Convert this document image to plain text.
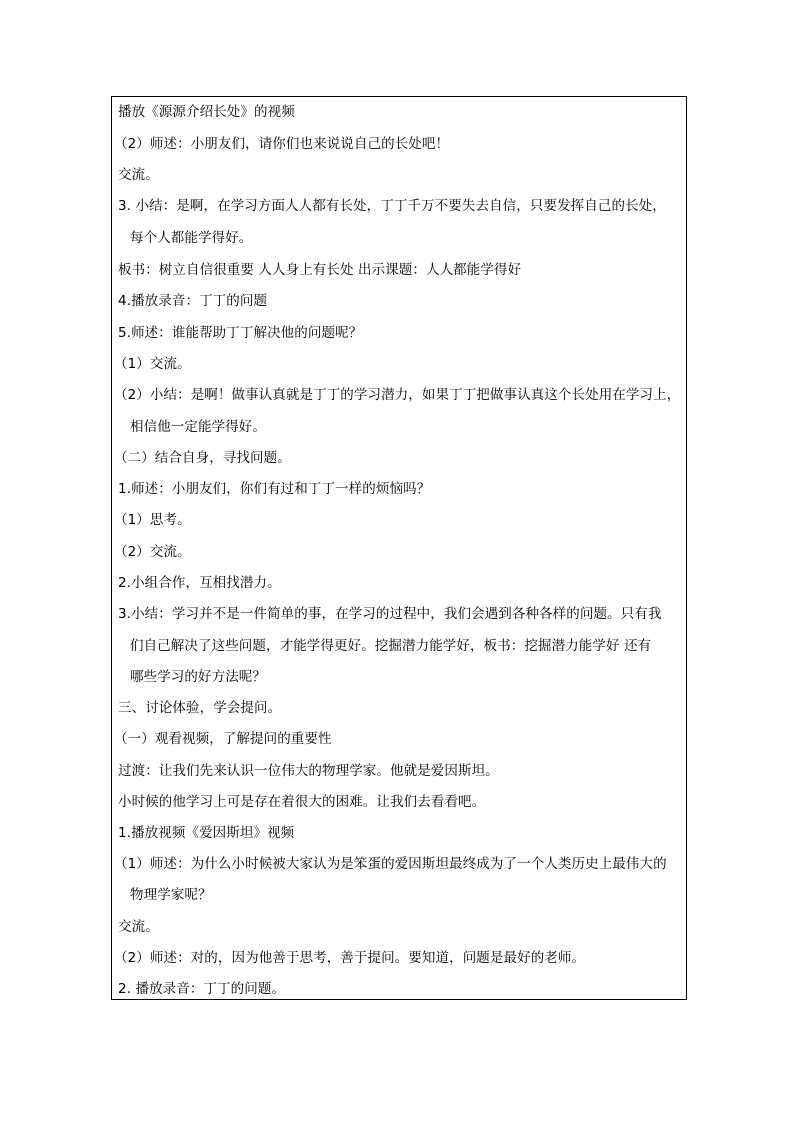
播放《源源介绍长处》的视频
（2）师述：小朋友们，请你们也来说说自己的长处吧！
交流。
3. 小结：是啊，在学习方面人人都有长处，丁丁千万不要失去自信，只要发挥自己的长处，
每个人都能学得好。
板书：树立自信很重要 人人身上有长处 出示课题：人人都能学得好
4.播放录音：丁丁的问题
5.师述：谁能帮助丁丁解决他的问题呢？
（1）交流。
（2）小结：是啊！做事认真就是丁丁的学习潜力，如果丁丁把做事认真这个长处用在学习上，
相信他一定能学得好。
（二）结合自身，寻找问题。
1.师述：小朋友们，你们有过和丁丁一样的烦恼吗？
（1）思考。
（2）交流。
2.小组合作，互相找潜力。
3.小结：学习并不是一件简单的事，在学习的过程中，我们会遇到各种各样的问题。只有我
们自己解决了这些问题，才能学得更好。挖掘潜力能学好，板书：挖掘潜力能学好 还有
哪些学习的好方法呢？
三、讨论体验，学会提问。
（一）观看视频，了解提问的重要性
过渡：让我们先来认识一位伟大的物理学家。他就是爱因斯坦。
小时候的他学习上可是存在着很大的困难。让我们去看看吧。
1.播放视频《爱因斯坦》视频
（1）师述：为什么小时候被大家认为是笨蛋的爱因斯坦最终成为了一个人类历史上最伟大的
物理学家呢？
交流。
（2）师述：对的，因为他善于思考，善于提问。要知道，问题是最好的老师。
2. 播放录音：丁丁的问题。
